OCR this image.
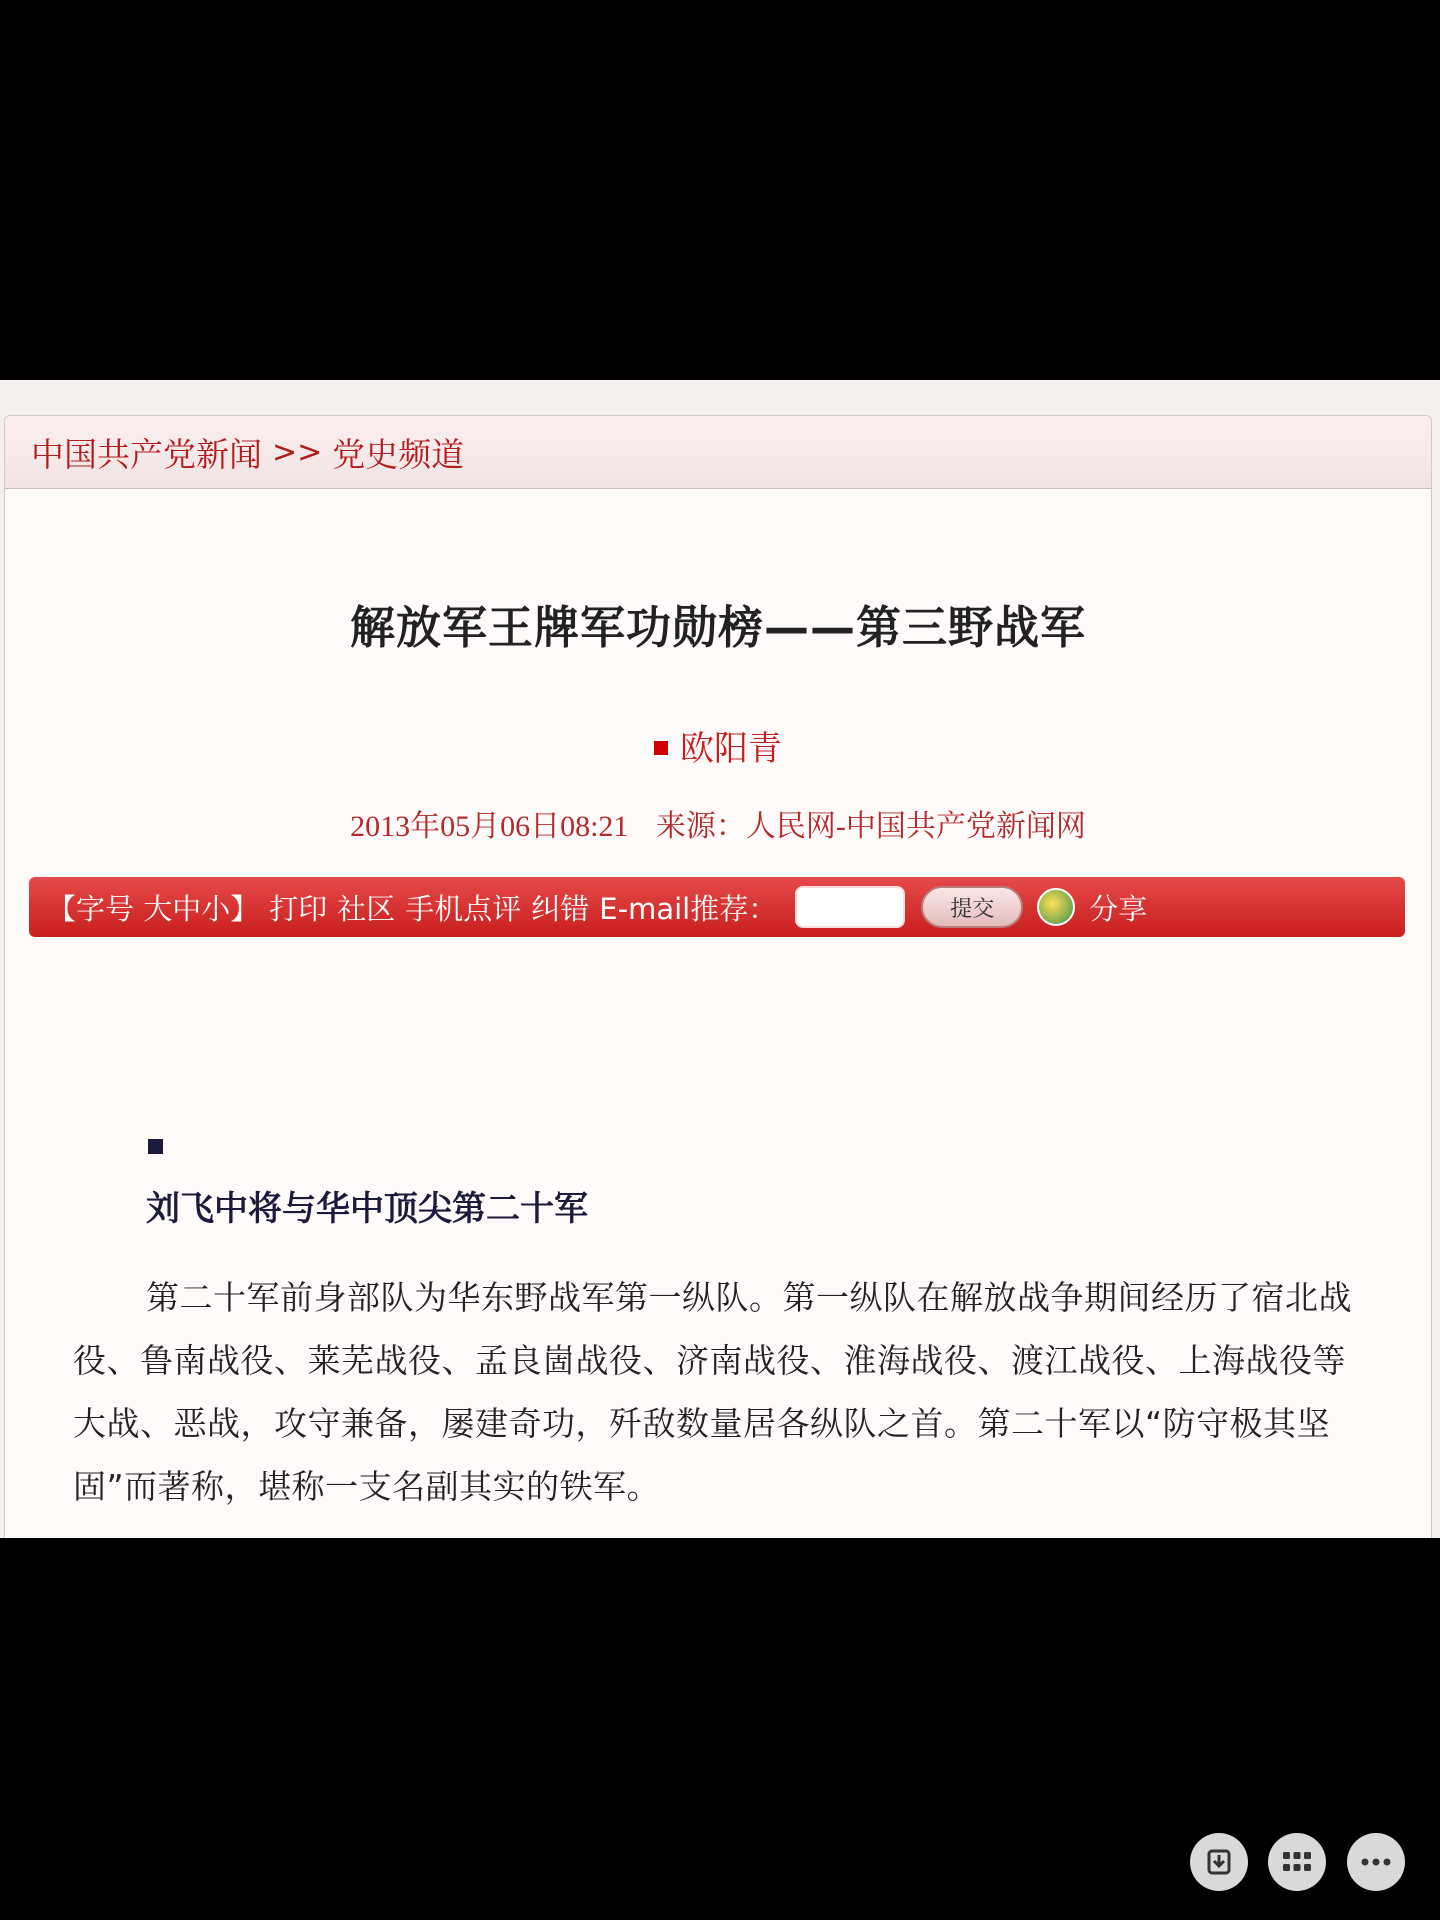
中国共产党新闻 >> 党史频道
解放军王牌军功勋榜——第三野战军
欧阳青
2013年05月06日08:21 来源：人民网-中国共产党新闻网
【字号 大中小】 打印 社区 手机点评 纠错 E-mail推荐：	提交	分享
刘飞中将与华中顶尖第二十军
第二十军前身部队为华东野战军第一纵队。第一纵队在解放战争期间经历了宿北战役、鲁南战役、莱芜战役、孟良崮战役、济南战役、淮海战役、渡江战役、上海战役等大战、恶战，攻守兼备，屡建奇功，歼敌数量居各纵队之首。第二十军以“防守极其坚固”而著称，堪称一支名副其实的铁军。
